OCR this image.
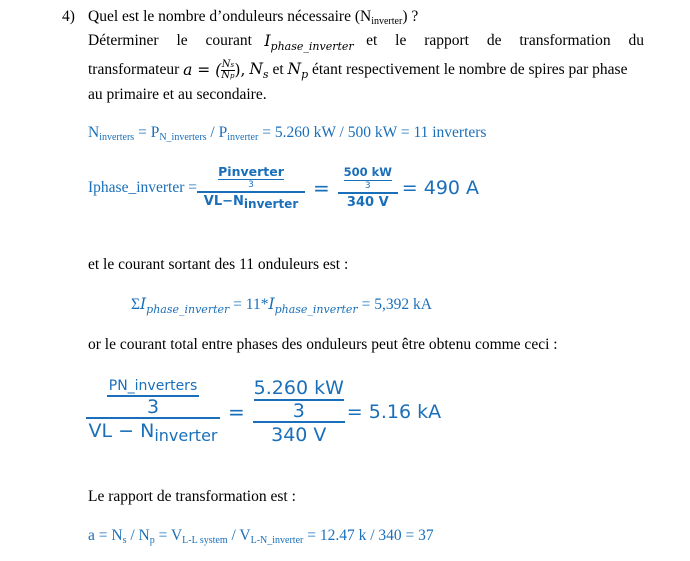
4) Quel est le nombre d’onduleurs nécessaire $(N_{inverter})$ ?
Déterminer le courant $I_{phase\_inverter}$ et le rapport de transformation du
transformateur
a = ( $\frac{Ns}{Np}$ ),
$N_s$
et
$N_p$
étant respectivement le nombre de spires par phase
au primaire et au secondaire.
$N_{inverters} = P_{N\_inverters} / P_{inverter} = 5.260$ kW / 500 kW = 11 inverters
Iphase_inverter = Pinverter
3
VL−Ninverter = 500 kW
3
340 V = 490 A
et le courant sortant des 11 onduleurs est :
$\Sigma I_{phase\_inverter} = 11*I_{phase\_inverter} = 5,392$ kA
or le courant total entre phases des onduleurs peut être obtenu comme ceci :
PN_inverters
3
VL − $N_{inverter} = 5.260$ kW
3
340 V = 5.16 kA
Le rapport de transformation est :
$a = N_s / N_p = V_{L-L system} / V_{L-N\_inverter} = 12.47$ k / 340 = 37
